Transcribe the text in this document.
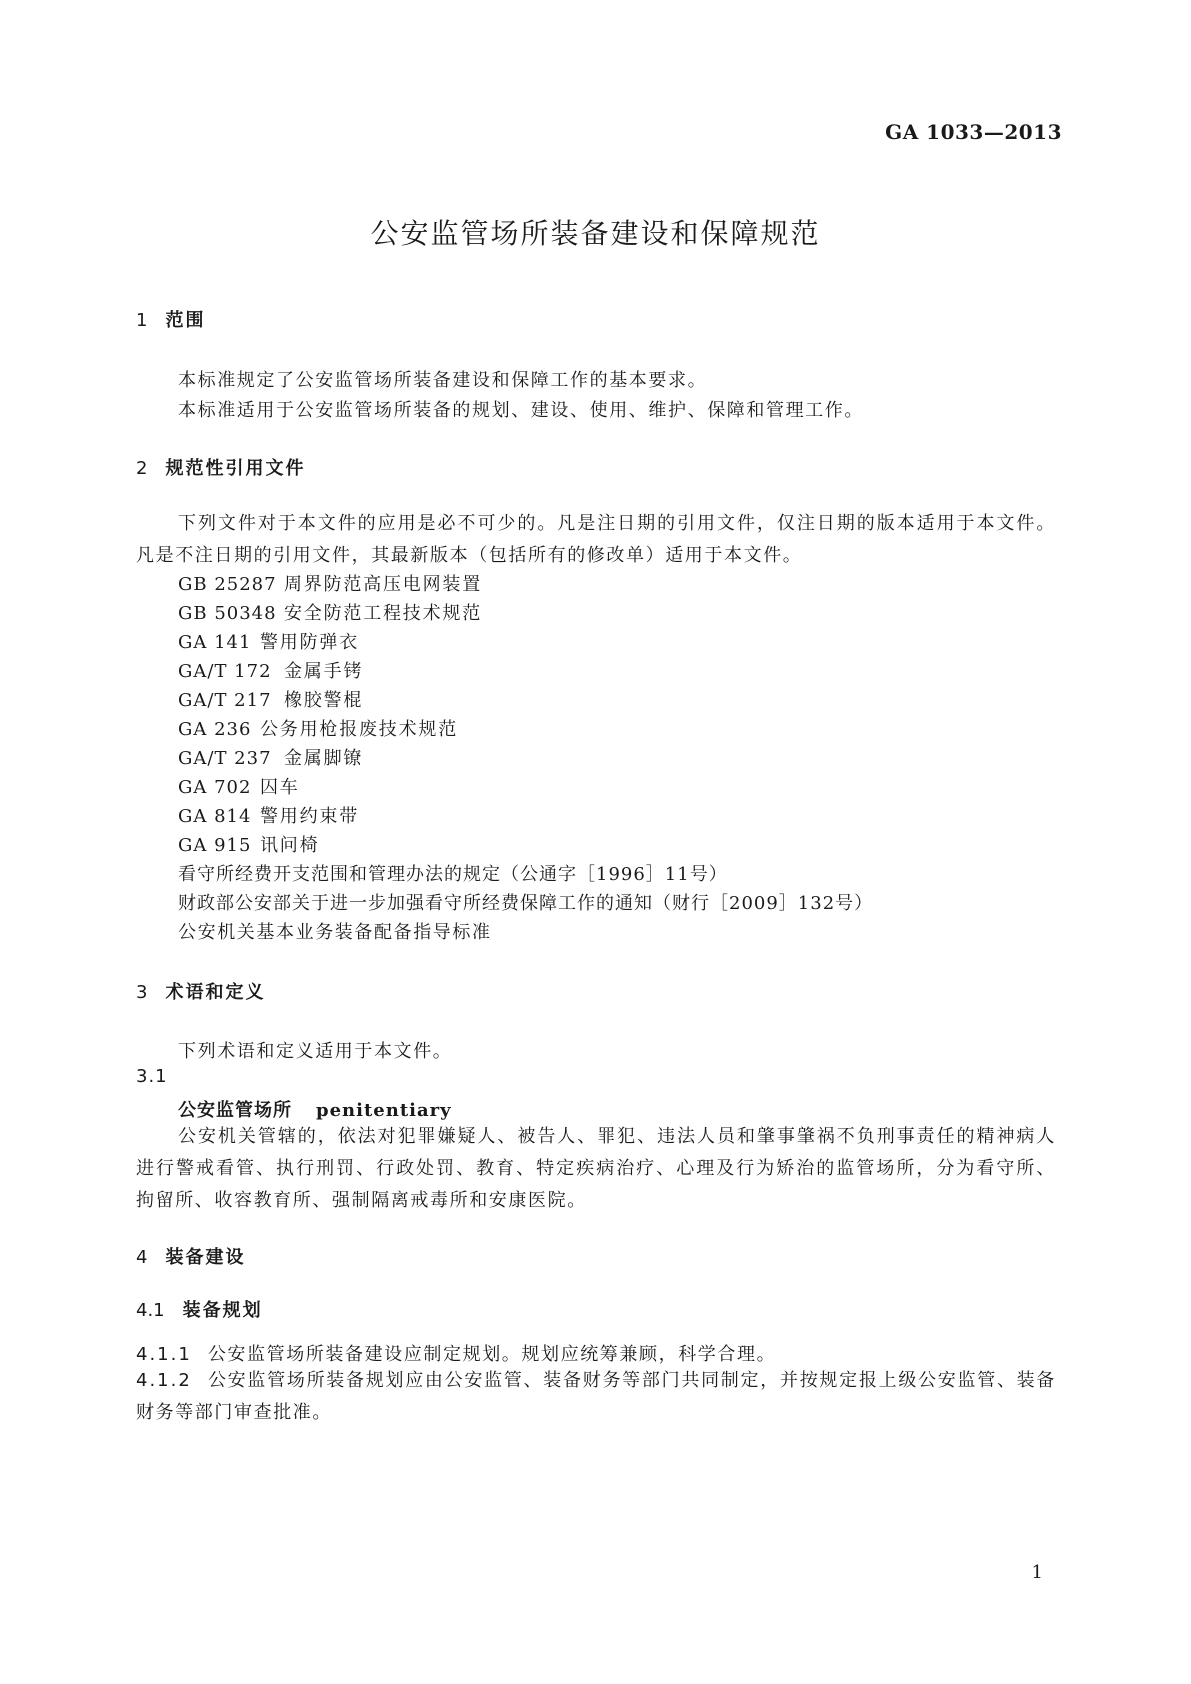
GA 1033—2013
公安监管场所装备建设和保障规范
1 范围
本标准规定了公安监管场所装备建设和保障工作的基本要求。
本标准适用于公安监管场所装备的规划、建设、使用、维护、保障和管理工作。
2 规范性引用文件
下列文件对于本文件的应用是必不可少的。凡是注日期的引用文件，仅注日期的版本适用于本文件。凡是不注日期的引用文件，其最新版本（包括所有的修改单）适用于本文件。
GB 25287 周界防范高压电网装置
GB 50348 安全防范工程技术规范
GA 141 警用防弹衣
GA/T 172 金属手铐
GA/T 217 橡胶警棍
GA 236 公务用枪报废技术规范
GA/T 237 金属脚镣
GA 702 囚车
GA 814 警用约束带
GA 915 讯问椅
看守所经费开支范围和管理办法的规定（公通字［1996］11号）
财政部公安部关于进一步加强看守所经费保障工作的通知（财行［2009］132号）
公安机关基本业务装备配备指导标准
3 术语和定义
下列术语和定义适用于本文件。
3.1
公安监管场所 penitentiary
公安机关管辖的，依法对犯罪嫌疑人、被告人、罪犯、违法人员和肇事肇祸不负刑事责任的精神病人进行警戒看管、执行刑罚、行政处罚、教育、特定疾病治疗、心理及行为矫治的监管场所，分为看守所、拘留所、收容教育所、强制隔离戒毒所和安康医院。
4 装备建设
4.1 装备规划
4.1.1 公安监管场所装备建设应制定规划。规划应统筹兼顾，科学合理。
4.1.2 公安监管场所装备规划应由公安监管、装备财务等部门共同制定，并按规定报上级公安监管、装备财务等部门审查批准。
1
